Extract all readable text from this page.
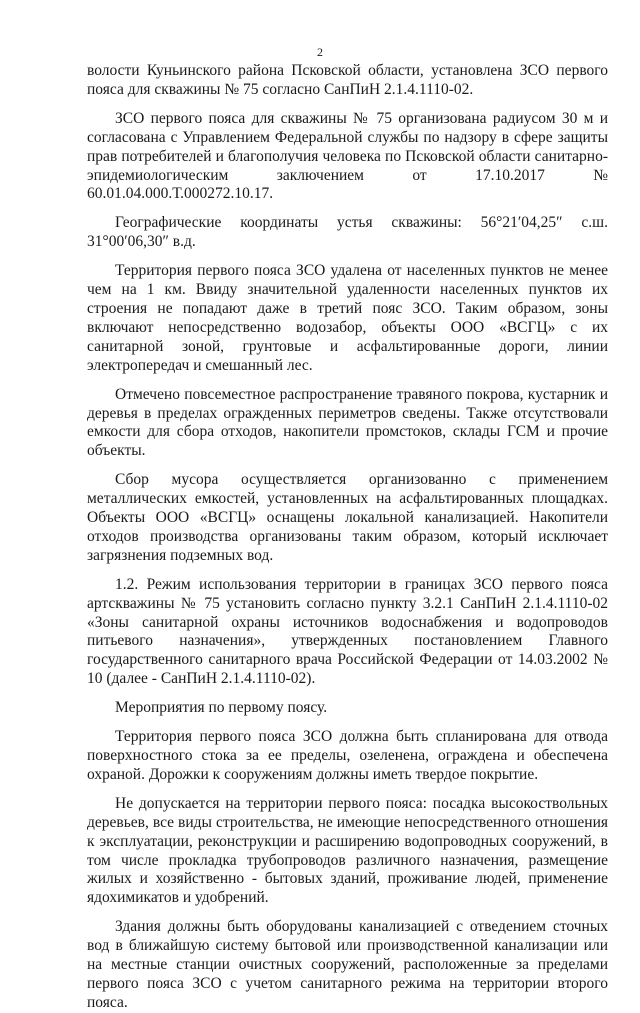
2

волости Куньинского района Псковской области, установлена ЗСО первого пояса для скважины № 75 согласно СанПиН 2.1.4.1110-02.

ЗСО первого пояса для скважины № 75 организована радиусом 30 м и согласована с Управлением Федеральной службы по надзору в сфере защиты прав потребителей и благополучия человека по Псковской области санитарно-эпидемиологическим заключением от 17.10.2017 № 60.01.04.000.Т.000272.10.17.

Географические координаты устья скважины: 56°21′04,25″ с.ш. 31°00′06,30″ в.д.

Территория первого пояса ЗСО удалена от населенных пунктов не менее чем на 1 км. Ввиду значительной удаленности населенных пунктов их строения не попадают даже в третий пояс ЗСО. Таким образом, зоны включают непосредственно водозабор, объекты ООО «ВСГЦ» с их санитарной зоной, грунтовые и асфальтированные дороги, линии электропередач и смешанный лес.

Отмечено повсеместное распространение травяного покрова, кустарник и деревья в пределах огражденных периметров сведены. Также отсутствовали емкости для сбора отходов, накопители промстоков, склады ГСМ и прочие объекты.

Сбор мусора осуществляется организованно с применением металлических емкостей, установленных на асфальтированных площадках. Объекты ООО «ВСГЦ» оснащены локальной канализацией. Накопители отходов производства организованы таким образом, который исключает загрязнения подземных вод.

1.2. Режим использования территории в границах ЗСО первого пояса артскважины № 75 установить согласно пункту 3.2.1 СанПиН 2.1.4.1110-02 «Зоны санитарной охраны источников водоснабжения и водопроводов питьевого назначения», утвержденных постановлением Главного государственного санитарного врача Российской Федерации от 14.03.2002 № 10 (далее - СанПиН 2.1.4.1110-02).

Мероприятия по первому поясу.

Территория первого пояса ЗСО должна быть спланирована для отвода поверхностного стока за ее пределы, озеленена, ограждена и обеспечена охраной. Дорожки к сооружениям должны иметь твердое покрытие.

Не допускается на территории первого пояса: посадка высокоствольных деревьев, все виды строительства, не имеющие непосредственного отношения к эксплуатации, реконструкции и расширению водопроводных сооружений, в том числе прокладка трубопроводов различного назначения, размещение жилых и хозяйственно - бытовых зданий, проживание людей, применение ядохимикатов и удобрений.

Здания должны быть оборудованы канализацией с отведением сточных вод в ближайшую систему бытовой или производственной канализации или на местные станции очистных сооружений, расположенные за пределами первого пояса ЗСО с учетом санитарного режима на территории второго пояса.
